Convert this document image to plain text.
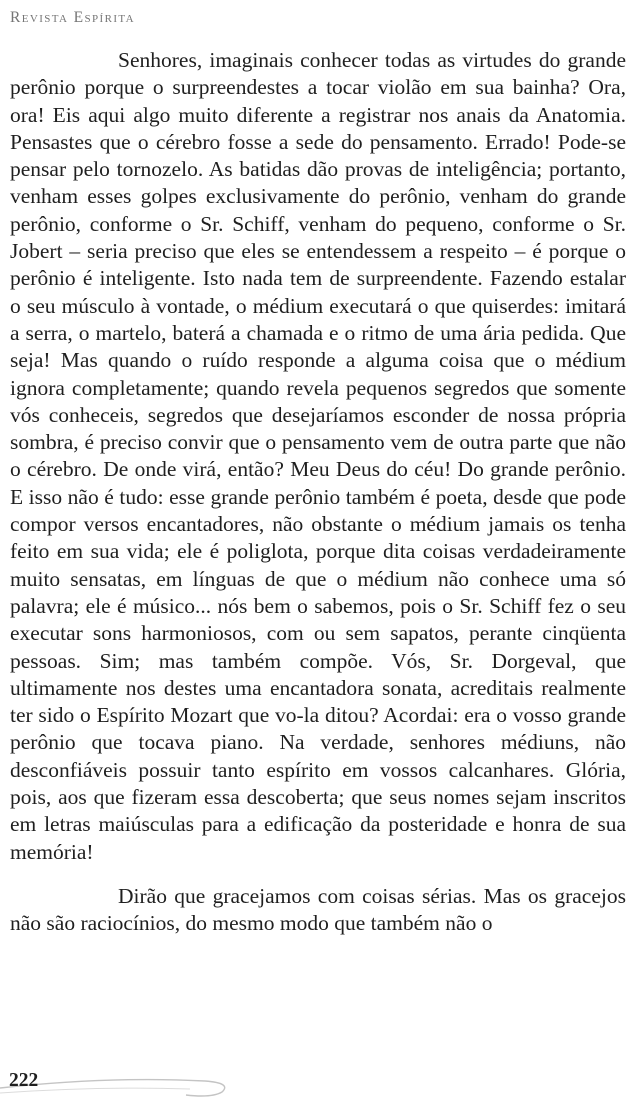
Revista Espírita

Senhores, imaginais conhecer todas as virtudes do grande perônio porque o surpreendestes a tocar violão em sua bainha? Ora, ora! Eis aqui algo muito diferente a registrar nos anais da Anatomia. Pensastes que o cérebro fosse a sede do pensamento. Errado! Pode-se pensar pelo tornozelo. As batidas dão provas de inteligência; portanto, venham esses golpes exclusivamente do perônio, venham do grande perônio, conforme o Sr. Schiff, venham do pequeno, conforme o Sr. Jobert – seria preciso que eles se entendessem a respeito – é porque o perônio é inteligente. Isto nada tem de surpreendente. Fazendo estalar o seu músculo à vontade, o médium executará o que quiserdes: imitará a serra, o martelo, baterá a chamada e o ritmo de uma ária pedida. Que seja! Mas quando o ruído responde a alguma coisa que o médium ignora completamente; quando revela pequenos segredos que somente vós conheceis, segredos que desejaríamos esconder de nossa própria sombra, é preciso convir que o pensamento vem de outra parte que não o cérebro. De onde virá, então? Meu Deus do céu! Do grande perônio. E isso não é tudo: esse grande perônio também é poeta, desde que pode compor versos encantadores, não obstante o médium jamais os tenha feito em sua vida; ele é poliglota, porque dita coisas verdadeiramente muito sensatas, em línguas de que o médium não conhece uma só palavra; ele é músico... nós bem o sabemos, pois o Sr. Schiff fez o seu executar sons harmoniosos, com ou sem sapatos, perante cinqüenta pessoas. Sim; mas também compõe. Vós, Sr. Dorgeval, que ultimamente nos destes uma encantadora sonata, acreditais realmente ter sido o Espírito Mozart que vo-la ditou? Acordai: era o vosso grande perônio que tocava piano. Na verdade, senhores médiuns, não desconfiáveis possuir tanto espírito em vossos calcanhares. Glória, pois, aos que fizeram essa descoberta; que seus nomes sejam inscritos em letras maiúsculas para a edificação da posteridade e honra de sua memória!

Dirão que gracejamos com coisas sérias. Mas os gracejos não são raciocínios, do mesmo modo que também não o

222
